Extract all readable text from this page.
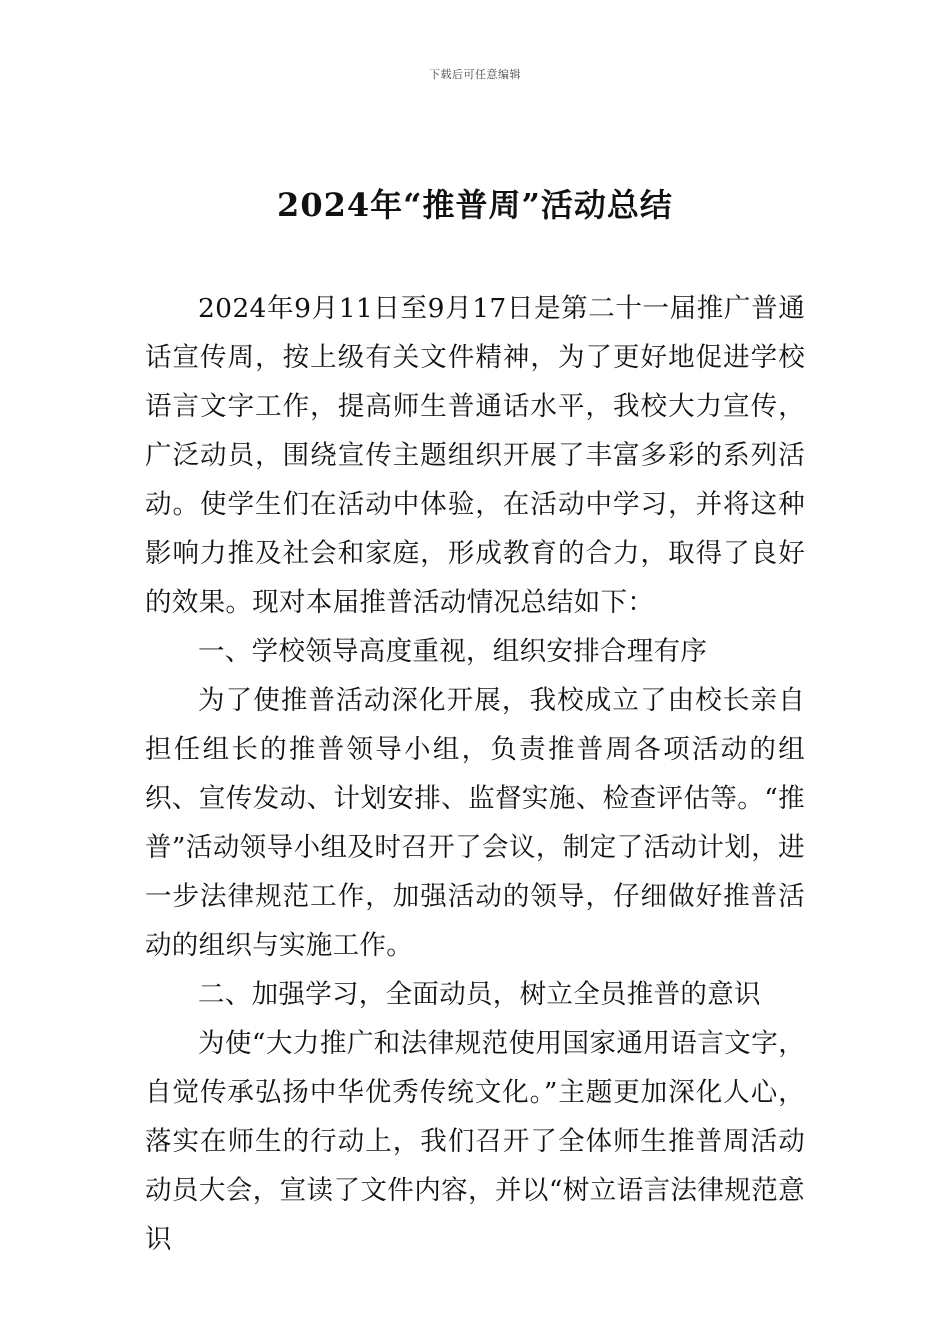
下载后可任意编辑
2024年“推普周”活动总结

2024年9月11日至9月17日是第二十一届推广普通话宣传周，按上级有关文件精神，为了更好地促进学校语言文字工作，提高师生普通话水平，我校大力宣传，广泛动员，围绕宣传主题组织开展了丰富多彩的系列活动。使学生们在活动中体验，在活动中学习，并将这种影响力推及社会和家庭，形成教育的合力，取得了良好的效果。现对本届推普活动情况总结如下：

一、学校领导高度重视，组织安排合理有序

为了使推普活动深化开展，我校成立了由校长亲自担任组长的推普领导小组，负责推普周各项活动的组织、宣传发动、计划安排、监督实施、检查评估等。“推普”活动领导小组及时召开了会议，制定了活动计划，进一步法律规范工作，加强活动的领导，仔细做好推普活动的组织与实施工作。

二、加强学习，全面动员，树立全员推普的意识

为使“大力推广和法律规范使用国家通用语言文字，自觉传承弘扬中华优秀传统文化。”主题更加深化人心，落实在师生的行动上，我们召开了全体师生推普周活动动员大会，宣读了文件内容，并以“树立语言法律规范意识
